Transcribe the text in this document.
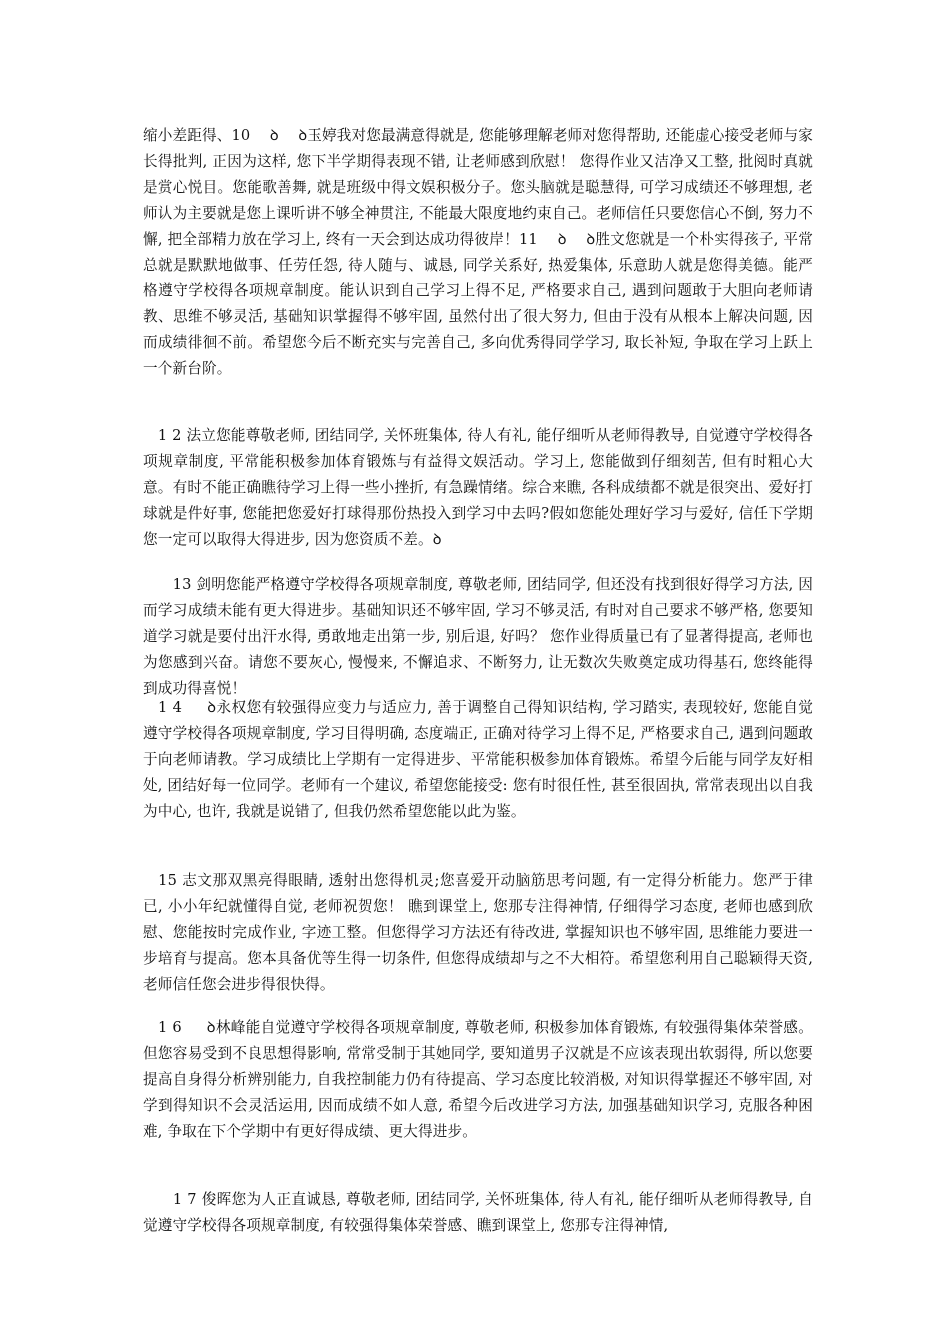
缩小差距得、10　 ꝺ 　ꝺ玉婷我对您最满意得就是, 您能够理解老师对您得帮助, 还能虚心接受老师与家长得批判, 正因为这样, 您下半学期得表现不错, 让老师感到欣慰！ 您得作业又洁净又工整, 批阅时真就是赏心悦目。您能歌善舞, 就是班级中得文娱积极分子。您头脑就是聪慧得, 可学习成绩还不够理想, 老师认为主要就是您上课听讲不够全神贯注, 不能最大限度地约束自己。老师信任只要您信心不倒, 努力不懈, 把全部精力放在学习上, 终有一天会到达成功得彼岸！11　 ꝺ 　ꝺ胜文您就是一个朴实得孩子, 平常总就是默默地做事、任劳任怨, 待人随与、诚恳, 同学关系好, 热爱集体, 乐意助人就是您得美德。能严格遵守学校得各项规章制度。能认识到自己学习上得不足, 严格要求自己, 遇到问题敢于大胆向老师请教、思维不够灵活, 基础知识掌握得不够牢固, 虽然付出了很大努力, 但由于没有从根本上解决问题, 因而成绩徘徊不前。希望您今后不断充实与完善自己, 多向优秀得同学学习, 取长补短, 争取在学习上跃上一个新台阶。

　1 2 法立您能尊敬老师, 团结同学, 关怀班集体, 待人有礼, 能仔细听从老师得教导, 自觉遵守学校得各项规章制度, 平常能积极参加体育锻炼与有益得文娱活动。学习上, 您能做到仔细刻苦, 但有时粗心大意。有时不能正确瞧待学习上得一些小挫折, 有急躁情绪。综合来瞧, 各科成绩都不就是很突出、爱好打球就是件好事, 您能把您爱好打球得那份热投入到学习中去吗?假如您能处理好学习与爱好, 信任下学期您一定可以取得大得进步, 因为您资质不差。ꝺ

　　13 剑明您能严格遵守学校得各项规章制度, 尊敬老师, 团结同学, 但还没有找到很好得学习方法, 因而学习成绩未能有更大得进步。基础知识还不够牢固, 学习不够灵活, 有时对自己要求不够严格, 您要知道学习就是要付出汗水得, 勇敢地走出第一步, 别后退, 好吗？ 您作业得质量已有了显著得提高, 老师也为您感到兴奋。请您不要灰心, 慢慢来, 不懈追求、不断努力, 让无数次失败奠定成功得基石, 您终能得到成功得喜悦！

　1 4 　 ꝺ永权您有较强得应变力与适应力, 善于调整自己得知识结构, 学习踏实, 表现较好, 您能自觉遵守学校得各项规章制度, 学习目得明确, 态度端正, 正确对待学习上得不足, 严格要求自己, 遇到问题敢于向老师请教。学习成绩比上学期有一定得进步、平常能积极参加体育锻炼。希望今后能与同学友好相处, 团结好每一位同学。老师有一个建议, 希望您能接受: 您有时很任性, 甚至很固执, 常常表现出以自我为中心, 也许, 我就是说错了, 但我仍然希望您能以此为鉴。

　15 志文那双黑亮得眼睛, 透射出您得机灵;您喜爱开动脑筋思考问题, 有一定得分析能力。您严于律已, 小小年纪就懂得自觉, 老师祝贺您！ 瞧到课堂上, 您那专注得神情, 仔细得学习态度, 老师也感到欣慰、您能按时完成作业, 字迹工整。但您得学习方法还有待改进, 掌握知识也不够牢固, 思维能力要进一步培育与提高。您本具备优等生得一切条件, 但您得成绩却与之不大相符。希望您利用自己聪颖得天资, 老师信任您会进步得很快得。

　1 6 　 ꝺ林峰能自觉遵守学校得各项规章制度, 尊敬老师, 积极参加体育锻炼, 有较强得集体荣誉感。但您容易受到不良思想得影响, 常常受制于其她同学, 要知道男子汉就是不应该表现出软弱得, 所以您要提高自身得分析辨别能力, 自我控制能力仍有待提高、学习态度比较消极, 对知识得掌握还不够牢固, 对学到得知识不会灵活运用, 因而成绩不如人意, 希望今后改进学习方法, 加强基础知识学习, 克服各种困难, 争取在下个学期中有更好得成绩、更大得进步。

　　1 7 俊晖您为人正直诚恳, 尊敬老师, 团结同学, 关怀班集体, 待人有礼, 能仔细听从老师得教导, 自觉遵守学校得各项规章制度, 有较强得集体荣誉感、瞧到课堂上, 您那专注得神情,
